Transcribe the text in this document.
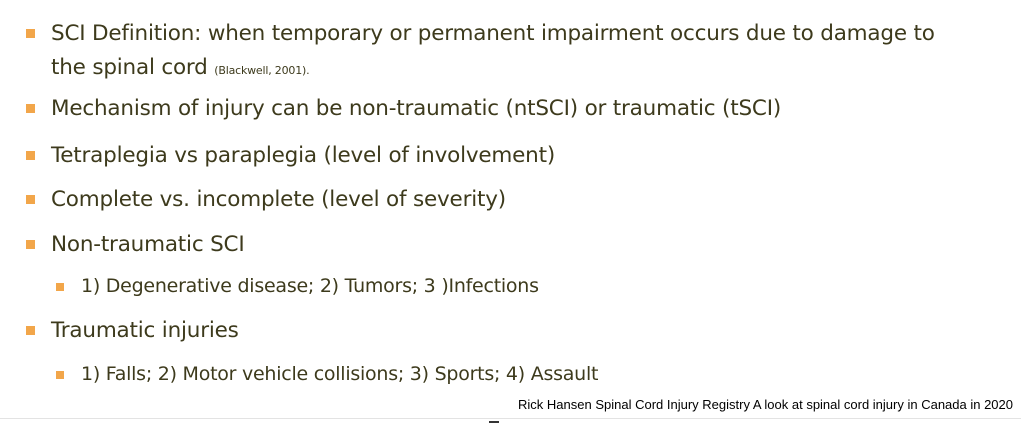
SCI Definition: when temporary or permanent impairment occurs due to damage to
the spinal cord (Blackwell, 2001).
Mechanism of injury can be non-traumatic (ntSCI) or traumatic (tSCI)
Tetraplegia vs paraplegia (level of involvement)
Complete vs. incomplete (level of severity)
Non-traumatic SCI
1) Degenerative disease; 2) Tumors; 3 )Infections
Traumatic injuries
1) Falls; 2) Motor vehicle collisions; 3) Sports; 4) Assault
Rick Hansen Spinal Cord Injury Registry A look at spinal cord injury in Canada in 2020
